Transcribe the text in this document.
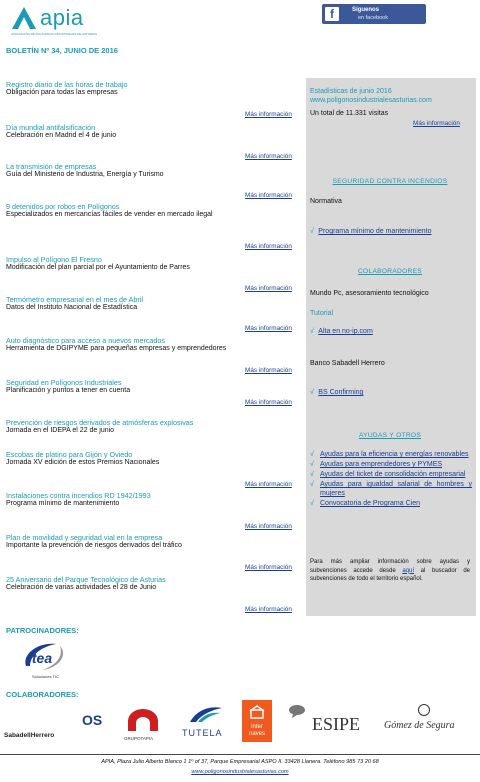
apia
ASOCIACIÓN DE POLÍGONOS INDUSTRIALES DE ASTURIAS
f	Síguenos
en facebook
BOLETÍN Nº 34, JUNIO DE 2016
Registro diario de las horas de trabajo
Obligación para todas las empresas
Más información
Día mundial antifalsificación
Celebración en Madrid el 4 de junio
Más información
La transmisión de empresas
Guía del Ministerio de Industria, Energía y Turismo
Más información
9 detenidos por robos en Polígonos
Especializados en mercancías fáciles de vender en mercado ilegal
Más información
Impulso al Polígono El Fresno
Modificación del plan parcial por el Ayuntamiento de Parres
Más información
Termómetro empresarial en el mes de Abril
Datos del Instituto Nacional de Estadística
Más información
Auto diagnóstico para acceso a nuevos mercados
Herramienta de DGIPYME para pequeñas empresas y emprendedores
Más información
Seguridad en Polígonos Industriales
Planificación y puntos a tener en cuenta
Más información
Prevención de riesgos derivados de atmósferas explosivas
Jornada en el IDEPA el 22 de junio
Escobas de platino para Gijón y Oviedo
Jornada XV edición de estos Premios Nacionales
Más información
Instalaciones contra incendios RD 1942/1993
Programa mínimo de mantenimiento
Más información
Plan de movilidad y seguridad vial en la empresa
Importante la prevención de riesgos derivados del tráfico
Más información
25 Aniversario del Parque Tecnológico de Asturias
Celebración de varias actividades el 28 de Junio
Más información
Estadísticas de junio 2016
www.poligonosindustrialesasturias.com
Un total de 11.331 visitas
Más información
SEGURIDAD CONTRA INCENDIOS
Normativa
√ Programa mínimo de mantenimiento
COLABORADORES
Mundo Pc, asesoramiento tecnológico
Tutorial
√ Alta en no-ip.com
Banco Sabadell Herrero
√ BS Confirming
AYUDAS Y OTROS
√ Ayudas para la eficiencia y energías renovables
√ Ayudas para emprendedores y PYMES
√ Ayudas del ticket de consolidación empresarial
√ Ayudas para igualdad salarial de hombres y mujeres
√ Convocatoria de Programa Cien
Para más ampliar información sobre ayudas y subvenciones accede desde aquí al buscador de subvenciones de todo el territorio español.
PATROCINADORES:
itea
Soluciones TIC
COLABORADORES:
SabadellHerrero
OS
GRUPOTAPIA
TUTELA
inter naves	ESIPE Gómez de Segura
APIA, Plaza Julio Alberto Blanco 1 1º of 37, Parque Empresarial ASPO II. 33428 Llanera. Teléfono 985 73 20 68
www.poligonosindustrialesasturias.com
